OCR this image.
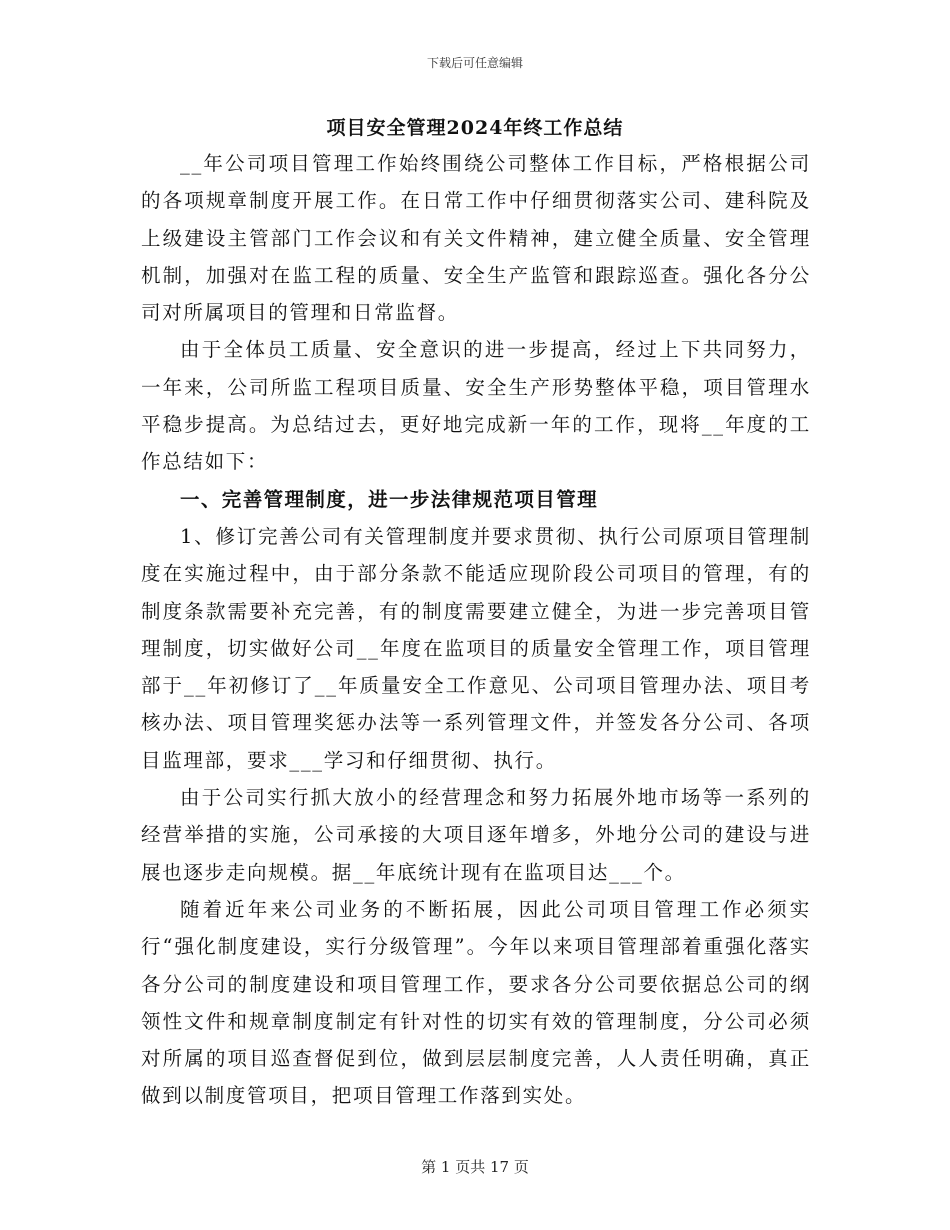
下载后可任意编辑
项目安全管理2024年终工作总结

__年公司项目管理工作始终围绕公司整体工作目标，严格根据公司的各项规章制度开展工作。在日常工作中仔细贯彻落实公司、建科院及上级建设主管部门工作会议和有关文件精神，建立健全质量、安全管理机制，加强对在监工程的质量、安全生产监管和跟踪巡查。强化各分公司对所属项目的管理和日常监督。

由于全体员工质量、安全意识的进一步提高，经过上下共同努力，一年来，公司所监工程项目质量、安全生产形势整体平稳，项目管理水平稳步提高。为总结过去，更好地完成新一年的工作，现将__年度的工作总结如下：

一、完善管理制度，进一步法律规范项目管理

1、修订完善公司有关管理制度并要求贯彻、执行公司原项目管理制度在实施过程中，由于部分条款不能适应现阶段公司项目的管理，有的制度条款需要补充完善，有的制度需要建立健全，为进一步完善项目管理制度，切实做好公司__年度在监项目的质量安全管理工作，项目管理部于__年初修订了__年质量安全工作意见、公司项目管理办法、项目考核办法、项目管理奖惩办法等一系列管理文件，并签发各分公司、各项目监理部，要求___学习和仔细贯彻、执行。

由于公司实行抓大放小的经营理念和努力拓展外地市场等一系列的经营举措的实施，公司承接的大项目逐年增多，外地分公司的建设与进展也逐步走向规模。据__年底统计现有在监项目达___个。

随着近年来公司业务的不断拓展，因此公司项目管理工作必须实行“强化制度建设，实行分级管理”。今年以来项目管理部着重强化落实各分公司的制度建设和项目管理工作，要求各分公司要依据总公司的纲领性文件和规章制度制定有针对性的切实有效的管理制度，分公司必须对所属的项目巡查督促到位，做到层层制度完善，人人责任明确，真正做到以制度管项目，把项目管理工作落到实处。

第 1 页共 17 页
